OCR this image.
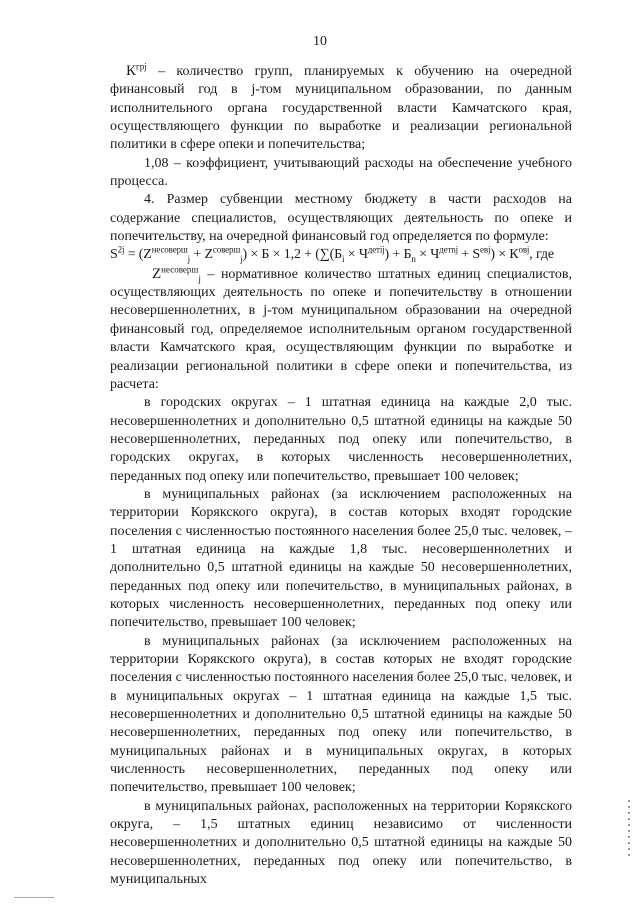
10

$К^{грj}$ – количество групп, планируемых к обучению на очередной финансовый год в j-том муниципальном образовании, по данным исполнительного органа государственной власти Камчатского края, осуществляющего функции по выработке и реализации региональной политики в сфере опеки и попечительства;

1,08 – коэффициент, учитывающий расходы на обеспечение учебного процесса.

4. Размер субвенции местному бюджету в части расходов на содержание специалистов, осуществляющих деятельность по опеке и попечительству, на очередной финансовый год определяется по формуле:

$S^{2j} = (Z^{несоверш}_j + Z^{соверш}_j) \times Б \times 1,2 + (\sum(Б_i \times Ч^{детij}) + Б_n \times Ч^{детnj} + S^{eвj}) \times К^{oвj}$, где

$Z^{несоверш}_j$ – нормативное количество штатных единиц специалистов, осуществляющих деятельность по опеке и попечительству в отношении несовершеннолетних, в j-том муниципальном образовании на очередной финансовый год, определяемое исполнительным органом государственной власти Камчатского края, осуществляющим функции по выработке и реализации региональной политики в сфере опеки и попечительства, из расчета:

в городских округах – 1 штатная единица на каждые 2,0 тыс. несовершеннолетних и дополнительно 0,5 штатной единицы на каждые 50 несовершеннолетних, переданных под опеку или попечительство, в городских округах, в которых численность несовершеннолетних, переданных под опеку или попечительство, превышает 100 человек;

в муниципальных районах (за исключением расположенных на территории Корякского округа), в состав которых входят городские поселения с численностью постоянного населения более 25,0 тыс. человек, – 1 штатная единица на каждые 1,8 тыс. несовершеннолетних и дополнительно 0,5 штатной единицы на каждые 50 несовершеннолетних, переданных под опеку или попечительство, в муниципальных районах, в которых численность несовершеннолетних, переданных под опеку или попечительство, превышает 100 человек;

в муниципальных районах (за исключением расположенных на территории Корякского округа), в состав которых не входят городские поселения с численностью постоянного населения более 25,0 тыс. человек, и в муниципальных округах – 1 штатная единица на каждые 1,5 тыс. несовершеннолетних и дополнительно 0,5 штатной единицы на каждые 50 несовершеннолетних, переданных под опеку или попечительство, в муниципальных районах и в муниципальных округах, в которых численность несовершеннолетних, переданных под опеку или попечительство, превышает 100 человек;

в муниципальных районах, расположенных на территории Корякского округа, – 1,5 штатных единиц независимо от численности несовершеннолетних и дополнительно 0,5 штатной единицы на каждые 50 несовершеннолетних, переданных под опеку или попечительство, в муниципальных
